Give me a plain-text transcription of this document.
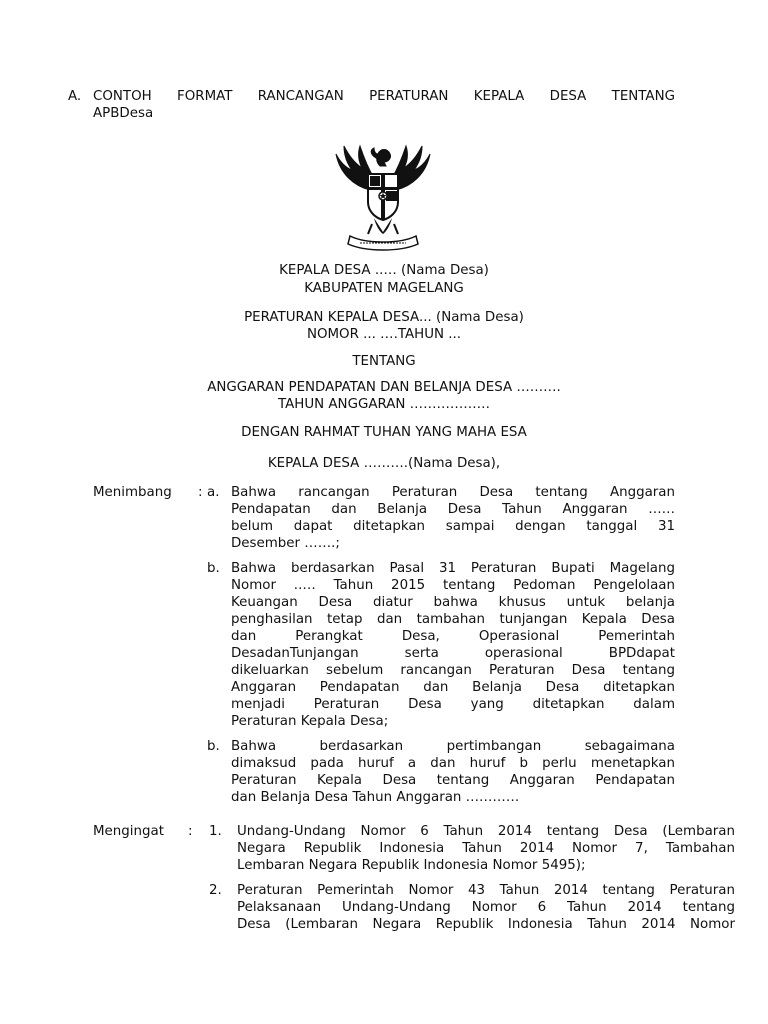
A. CONTOH FORMAT RANCANGAN PERATURAN KEPALA DESA TENTANG
APBDesa
KEPALA DESA ..… (Nama Desa)
KABUPATEN MAGELANG
PERATURAN KEPALA DESA... (Nama Desa)
NOMOR ... ….TAHUN ...
TENTANG
ANGGARAN PENDAPATAN DAN BELANJA DESA ……….
TAHUN ANGGARAN ………………
DENGAN RAHMAT TUHAN YANG MAHA ESA
KEPALA DESA ……….(Nama Desa),
Menimbang : a. Bahwa rancangan Peraturan Desa tentang Anggaran
Pendapatan dan Belanja Desa Tahun Anggaran ……
belum dapat ditetapkan sampai dengan tanggal 31
Desember …….;
b. Bahwa berdasarkan Pasal 31 Peraturan Bupati Magelang
Nomor ..… Tahun 2015 tentang Pedoman Pengelolaan
Keuangan Desa diatur bahwa khusus untuk belanja
penghasilan tetap dan tambahan tunjangan Kepala Desa
dan Perangkat Desa, Operasional Pemerintah
DesadanTunjangan serta operasional BPDdapat
dikeluarkan sebelum rancangan Peraturan Desa tentang
Anggaran Pendapatan dan Belanja Desa ditetapkan
menjadi Peraturan Desa yang ditetapkan dalam
Peraturan Kepala Desa;
b. Bahwa berdasarkan pertimbangan sebagaimana
dimaksud pada huruf a dan huruf b perlu menetapkan
Peraturan Kepala Desa tentang Anggaran Pendapatan
dan Belanja Desa Tahun Anggaran …………
Mengingat : 1. Undang-Undang Nomor 6 Tahun 2014 tentang Desa (Lembaran
Negara Republik Indonesia Tahun 2014 Nomor 7, Tambahan
Lembaran Negara Republik Indonesia Nomor 5495);
2. Peraturan Pemerintah Nomor 43 Tahun 2014 tentang Peraturan
Pelaksanaan Undang-Undang Nomor 6 Tahun 2014 tentang
Desa (Lembaran Negara Republik Indonesia Tahun 2014 Nomor
